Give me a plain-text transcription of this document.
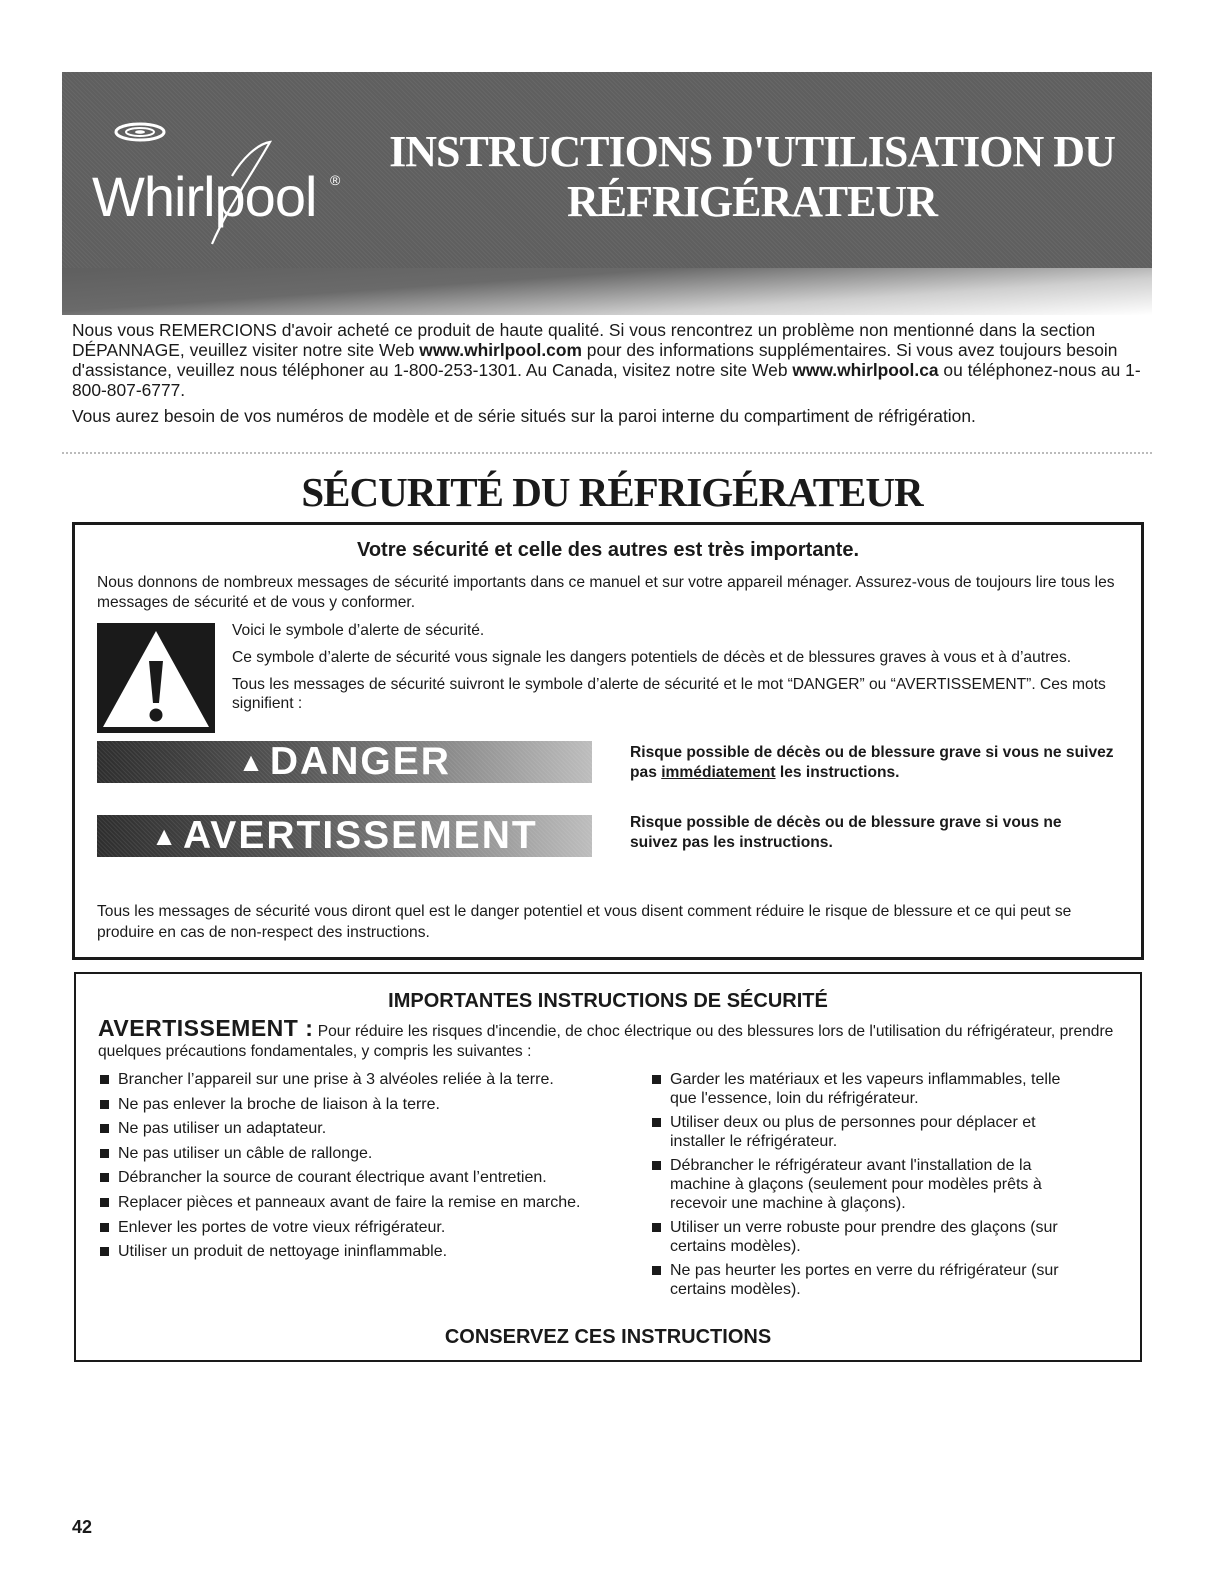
Whirlpool ®
INSTRUCTIONS D'UTILISATION DU
RÉFRIGÉRATEUR

Nous vous REMERCIONS d'avoir acheté ce produit de haute qualité. Si vous rencontrez un problème non mentionné dans la section DÉPANNAGE, veuillez visiter notre site Web www.whirlpool.com pour des informations supplémentaires. Si vous avez toujours besoin d'assistance, veuillez nous téléphoner au 1-800-253-1301. Au Canada, visitez notre site Web www.whirlpool.ca ou téléphonez-nous au 1-800-807-6777.

Vous aurez besoin de vos numéros de modèle et de série situés sur la paroi interne du compartiment de réfrigération.

SÉCURITÉ DU RÉFRIGÉRATEUR
Votre sécurité et celle des autres est très importante.
Nous donnons de nombreux messages de sécurité importants dans ce manuel et sur votre appareil ménager. Assurez-vous de toujours lire tous les messages de sécurité et de vous y conformer.

Voici le symbole d’alerte de sécurité.

Ce symbole d’alerte de sécurité vous signale les dangers potentiels de décès et de blessures graves à vous et à d’autres.

Tous les messages de sécurité suivront le symbole d’alerte de sécurité et le mot “DANGER” ou “AVERTISSEMENT”. Ces mots signifient :

▲ DANGER	Risque possible de décès ou de blessure grave si vous ne suivez pas immédiatement les instructions.
▲ AVERTISSEMENT	Risque possible de décès ou de blessure grave si vous ne suivez pas les instructions.
Tous les messages de sécurité vous diront quel est le danger potentiel et vous disent comment réduire le risque de blessure et ce qui peut se produire en cas de non-respect des instructions.
IMPORTANTES INSTRUCTIONS DE SÉCURITÉ
AVERTISSEMENT : Pour réduire les risques d'incendie, de choc électrique ou des blessures lors de l'utilisation du réfrigérateur, prendre quelques précautions fondamentales, y compris les suivantes :
Brancher l’appareil sur une prise à 3 alvéoles reliée à la terre.
Ne pas enlever la broche de liaison à la terre.
Ne pas utiliser un adaptateur.
Ne pas utiliser un câble de rallonge.
Débrancher la source de courant électrique avant l’entretien.
Replacer pièces et panneaux avant de faire la remise en marche.
Enlever les portes de votre vieux réfrigérateur.
Utiliser un produit de nettoyage ininflammable.
Garder les matériaux et les vapeurs inflammables, telle que l'essence, loin du réfrigérateur.
Utiliser deux ou plus de personnes pour déplacer et installer le réfrigérateur.
Débrancher le réfrigérateur avant l'installation de la machine à glaçons (seulement pour modèles prêts à recevoir une machine à glaçons).
Utiliser un verre robuste pour prendre des glaçons (sur certains modèles).
Ne pas heurter les portes en verre du réfrigérateur (sur certains modèles).
CONSERVEZ CES INSTRUCTIONS
42
